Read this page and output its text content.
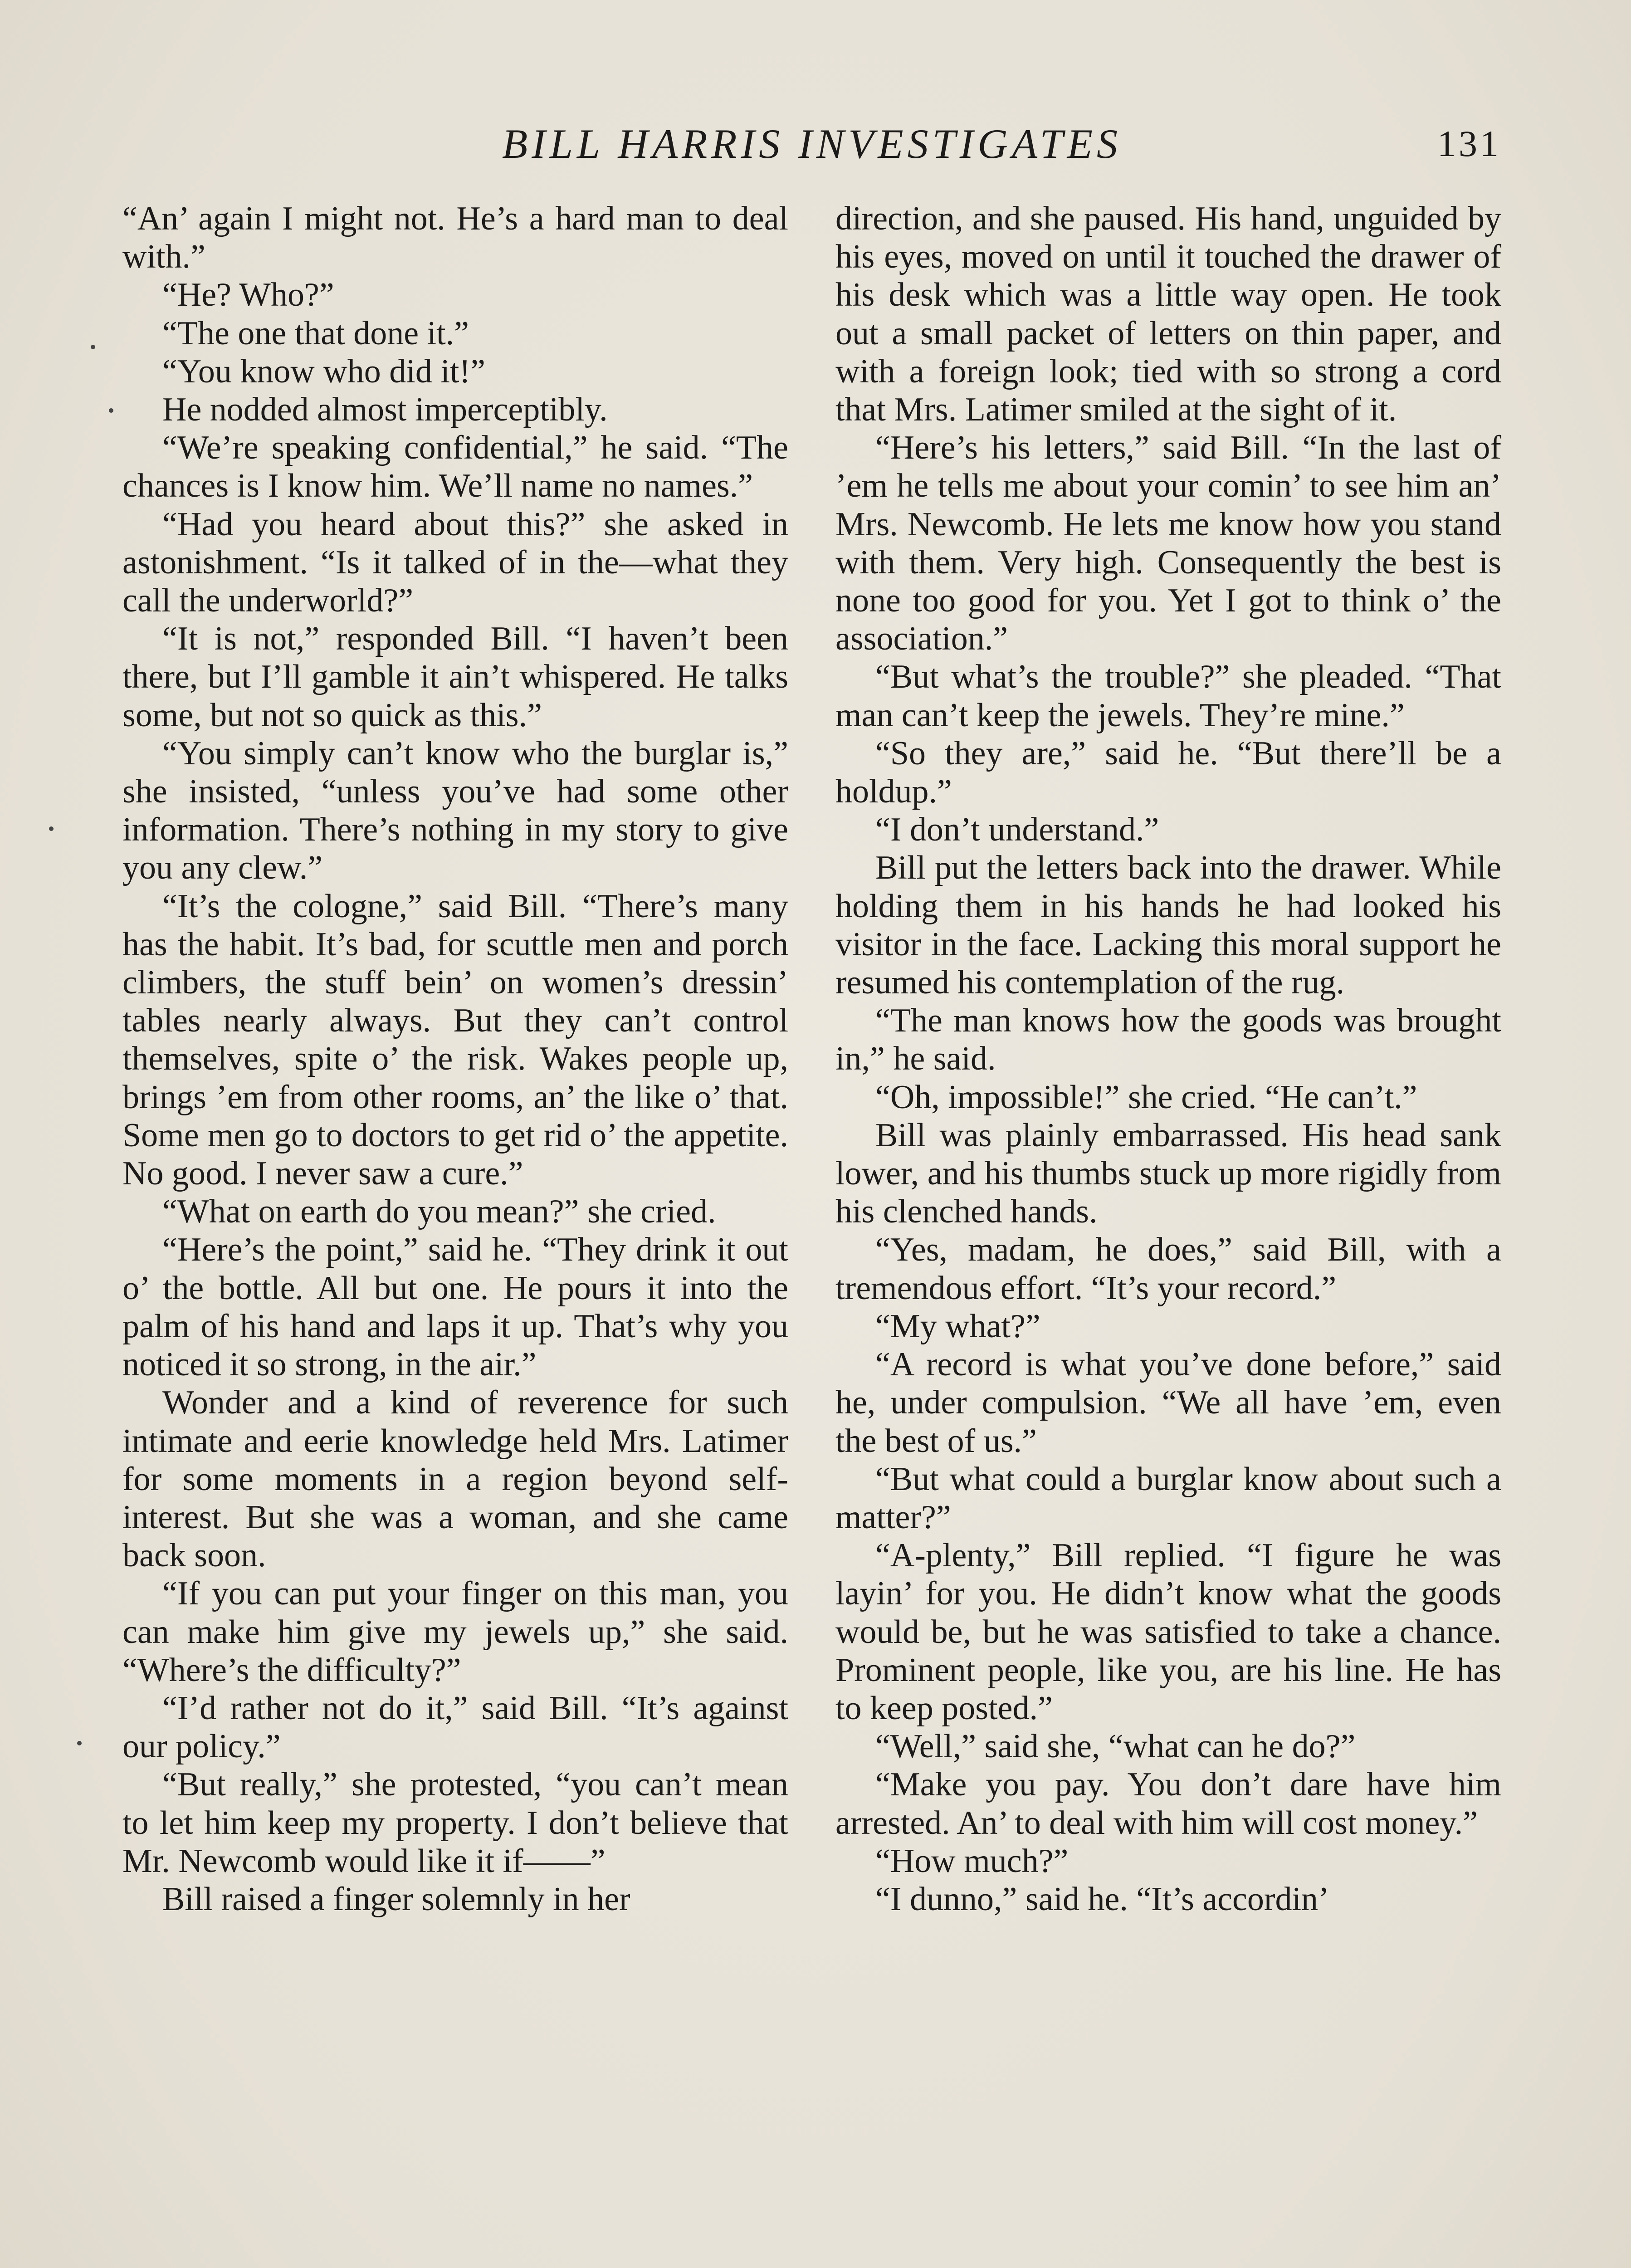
BILL HARRIS INVESTIGATES	131

“An’ again I might not. He’s a hard man to deal with.”

“He? Who?”

“The one that done it.”

“You know who did it!”

He nodded almost imperceptibly.

“We’re speaking confidential,” he said. “The chances is I know him. We’ll name no names.”

“Had you heard about this?” she asked in astonishment. “Is it talked of in the—what they call the underworld?”

“It is not,” responded Bill. “I haven’t been there, but I’ll gamble it ain’t whispered. He talks some, but not so quick as this.”

“You simply can’t know who the burglar is,” she insisted, “unless you’ve had some other information. There’s nothing in my story to give you any clew.”

“It’s the cologne,” said Bill. “There’s many has the habit. It’s bad, for scuttle men and porch climbers, the stuff bein’ on women’s dressin’ tables nearly always. But they can’t control themselves, spite o’ the risk. Wakes people up, brings ’em from other rooms, an’ the like o’ that. Some men go to doctors to get rid o’ the appetite. No good. I never saw a cure.”

“What on earth do you mean?” she cried.

“Here’s the point,” said he. “They drink it out o’ the bottle. All but one. He pours it into the palm of his hand and laps it up. That’s why you noticed it so strong, in the air.”

Wonder and a kind of reverence for such intimate and eerie knowledge held Mrs. Latimer for some moments in a region beyond self-interest. But she was a woman, and she came back soon.

“If you can put your finger on this man, you can make him give my jewels up,” she said. “Where’s the difficulty?”

“I’d rather not do it,” said Bill. “It’s against our policy.”

“But really,” she protested, “you can’t mean to let him keep my property. I don’t believe that Mr. Newcomb would like it if——”

Bill raised a finger solemnly in her

direction, and she paused. His hand, unguided by his eyes, moved on until it touched the drawer of his desk which was a little way open. He took out a small packet of letters on thin paper, and with a foreign look; tied with so strong a cord that Mrs. Latimer smiled at the sight of it.

“Here’s his letters,” said Bill. “In the last of ’em he tells me about your comin’ to see him an’ Mrs. Newcomb. He lets me know how you stand with them. Very high. Consequently the best is none too good for you. Yet I got to think o’ the association.”

“But what’s the trouble?” she pleaded. “That man can’t keep the jewels. They’re mine.”

“So they are,” said he. “But there’ll be a holdup.”

“I don’t understand.”

Bill put the letters back into the drawer. While holding them in his hands he had looked his visitor in the face. Lacking this moral support he resumed his contemplation of the rug.

“The man knows how the goods was brought in,” he said.

“Oh, impossible!” she cried. “He can’t.”

Bill was plainly embarrassed. His head sank lower, and his thumbs stuck up more rigidly from his clenched hands.

“Yes, madam, he does,” said Bill, with a tremendous effort. “It’s your record.”

“My what?”

“A record is what you’ve done before,” said he, under compulsion. “We all have ’em, even the best of us.”

“But what could a burglar know about such a matter?”

“A-plenty,” Bill replied. “I figure he was layin’ for you. He didn’t know what the goods would be, but he was satisfied to take a chance. Prominent people, like you, are his line. He has to keep posted.”

“Well,” said she, “what can he do?”

“Make you pay. You don’t dare have him arrested. An’ to deal with him will cost money.”

“How much?”

“I dunno,” said he. “It’s accordin’
